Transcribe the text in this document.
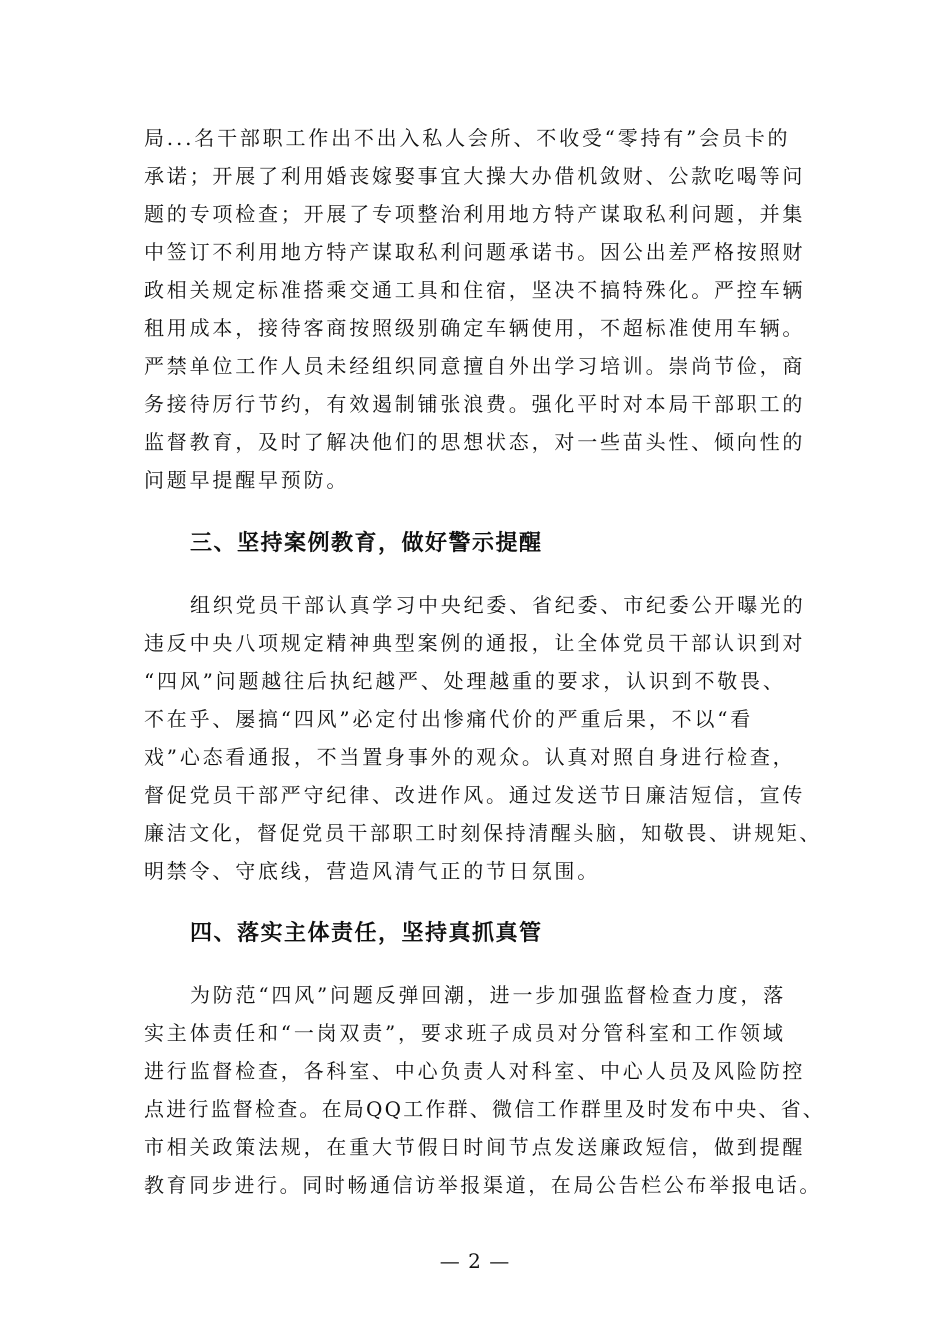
局...名干部职工作出不出入私人会所、不收受“零持有”会员卡的
承诺；开展了利用婚丧嫁娶事宜大操大办借机敛财、公款吃喝等问
题的专项检查；开展了专项整治利用地方特产谋取私利问题，并集
中签订不利用地方特产谋取私利问题承诺书。因公出差严格按照财
政相关规定标准搭乘交通工具和住宿，坚决不搞特殊化。严控车辆
租用成本，接待客商按照级别确定车辆使用，不超标准使用车辆。
严禁单位工作人员未经组织同意擅自外出学习培训。崇尚节俭，商
务接待厉行节约，有效遏制铺张浪费。强化平时对本局干部职工的
监督教育，及时了解决他们的思想状态，对一些苗头性、倾向性的
问题早提醒早预防。
三、坚持案例教育，做好警示提醒
组织党员干部认真学习中央纪委、省纪委、市纪委公开曝光的
违反中央八项规定精神典型案例的通报，让全体党员干部认识到对
“四风”问题越往后执纪越严、处理越重的要求，认识到不敬畏、
不在乎、屡搞“四风”必定付出惨痛代价的严重后果，不以“看
戏”心态看通报，不当置身事外的观众。认真对照自身进行检查，
督促党员干部严守纪律、改进作风。通过发送节日廉洁短信，宣传
廉洁文化，督促党员干部职工时刻保持清醒头脑，知敬畏、讲规矩、
明禁令、守底线，营造风清气正的节日氛围。
四、落实主体责任，坚持真抓真管
为防范“四风”问题反弹回潮，进一步加强监督检查力度，落
实主体责任和“一岗双责”，要求班子成员对分管科室和工作领域
进行监督检查，各科室、中心负责人对科室、中心人员及风险防控
点进行监督检查。在局QQ工作群、微信工作群里及时发布中央、省、
市相关政策法规，在重大节假日时间节点发送廉政短信，做到提醒
教育同步进行。同时畅通信访举报渠道，在局公告栏公布举报电话。
— 2 —
